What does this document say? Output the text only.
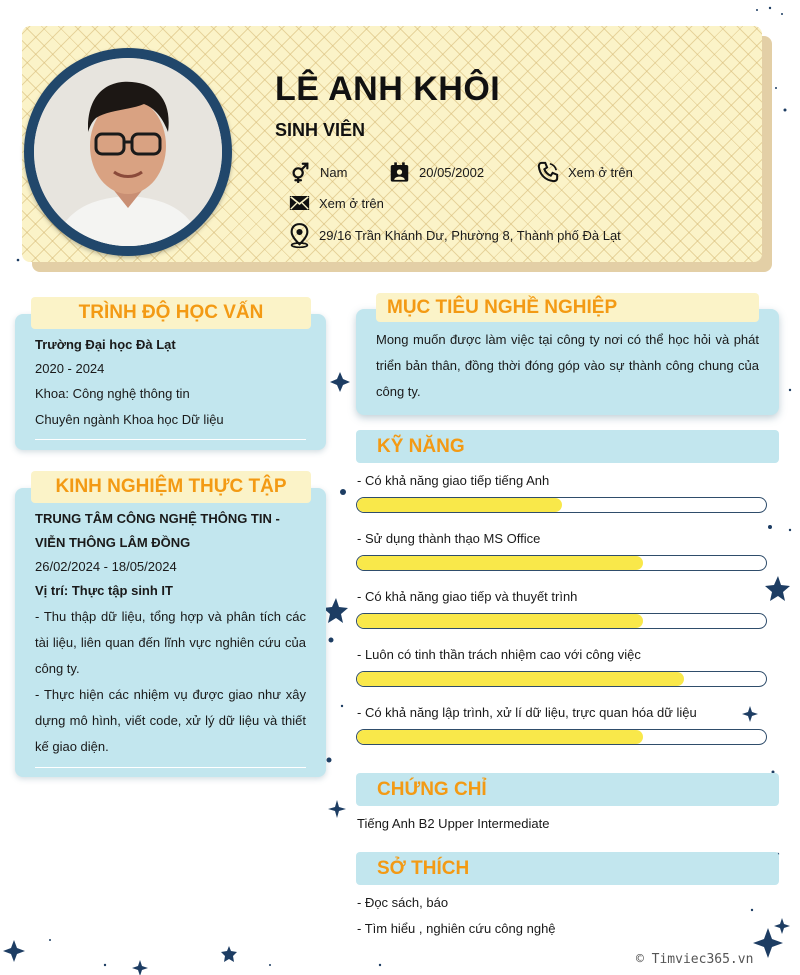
LÊ ANH KHÔI
SINH VIÊN
Nam	20/05/2002	Xem ở trên
Xem ở trên
29/16 Trần Khánh Dư, Phường 8, Thành phố Đà Lạt
TRÌNH ĐỘ HỌC VẤN
Trường Đại học Đà Lạt
2020 - 2024
Khoa: Công nghệ thông tin
Chuyên ngành Khoa học Dữ liệu
KINH NGHIỆM THỰC TẬP
TRUNG TÂM CÔNG NGHỆ THÔNG TIN - VIỄN THÔNG LÂM ĐỒNG
26/02/2024 - 18/05/2024
Vị trí: Thực tập sinh IT
- Thu thập dữ liệu, tổng hợp và phân tích các tài liệu, liên quan đến lĩnh vực nghiên cứu của công ty.
- Thực hiện các nhiệm vụ được giao như xây dựng mô hình, viết code, xử lý dữ liệu và thiết kế giao diện.
MỤC TIÊU NGHỀ NGHIỆP
Mong muốn được làm việc tại công ty nơi có thể học hỏi và phát triển bản thân, đồng thời đóng góp vào sự thành công chung của công ty.
KỸ NĂNG
- Có khả năng giao tiếp tiếng Anh
- Sử dụng thành thạo MS Office
- Có khả năng giao tiếp và thuyết trình
- Luôn có tinh thần trách nhiệm cao với công việc
- Có khả năng lập trình, xử lí dữ liệu, trực quan hóa dữ liệu
CHỨNG CHỈ
Tiếng Anh B2 Upper Intermediate
SỞ THÍCH
- Đọc sách, báo
- Tìm hiểu , nghiên cứu công nghệ
© Timviec365.vn
